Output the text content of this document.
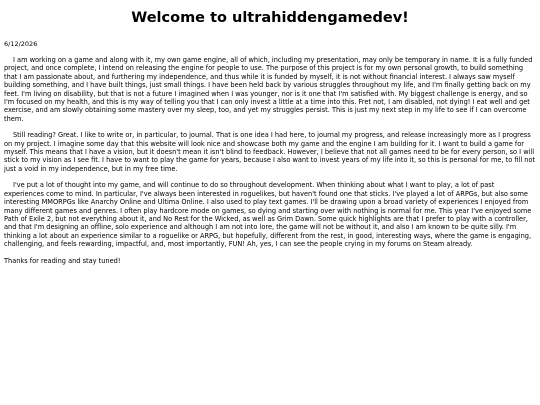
Welcome to ultrahiddengamedev!
6/12/2026

I am working on a game and along with it, my own game engine, all of which, including my presentation, may only be temporary in name. It is a fully funded project, and once complete, I intend on releasing the engine for people to use. The purpose of this project is for my own personal growth, to build something that I am passionate about, and furthering my independence, and thus while it is funded by myself, it is not without financial interest. I always saw myself building something, and I have built things, just small things. I have been held back by various struggles throughout my life, and I'm finally getting back on my feet. I'm living on disability, but that is not a future I imagined when I was younger, nor is it one that I'm satisfied with. My biggest challenge is energy, and so I'm focused on my health, and this is my way of telling you that I can only invest a little at a time into this. Fret not, I am disabled, not dying! I eat well and get exercise, and am slowly obtaining some mastery over my sleep, too, and yet my struggles persist. This is just my next step in my life to see if I can overcome them.

Still reading? Great. I like to write or, in particular, to journal. That is one idea I had here, to journal my progress, and release increasingly more as I progress on my project. I imagine some day that this website will look nice and showcase both my game and the engine I am building for it. I want to build a game for myself. This means that I have a vision, but it doesn't mean it isn't blind to feedback. However, I believe that not all games need to be for every person, so I will stick to my vision as I see fit. I have to want to play the game for years, because I also want to invest years of my life into it, so this is personal for me, to fill not just a void in my independence, but in my free time.

I've put a lot of thought into my game, and will continue to do so throughout development. When thinking about what I want to play, a lot of past experiences come to mind. In particular, I've always been interested in roguelikes, but haven't found one that sticks. I've played a lot of ARPGs, but also some interesting MMORPGs like Anarchy Online and Ultima Online. I also used to play text games. I'll be drawing upon a broad variety of experiences I enjoyed from many different games and genres. I often play hardcore mode on games, so dying and starting over with nothing is normal for me. This year I've enjoyed some Path of Exile 2, but not everything about it, and No Rest for the Wicked, as well as Grim Dawn. Some quick highlights are that I prefer to play with a controller, and that I'm designing an offline, solo experience and although I am not into lore, the game will not be without it, and also I am known to be quite silly. I'm thinking a lot about an experience similar to a roguelike or ARPG, but hopefully, different from the rest, in good, interesting ways, where the game is engaging, challenging, and feels rewarding, impactful, and, most importantly, FUN! Ah, yes, I can see the people crying in my forums on Steam already.

Thanks for reading and stay tuned!
